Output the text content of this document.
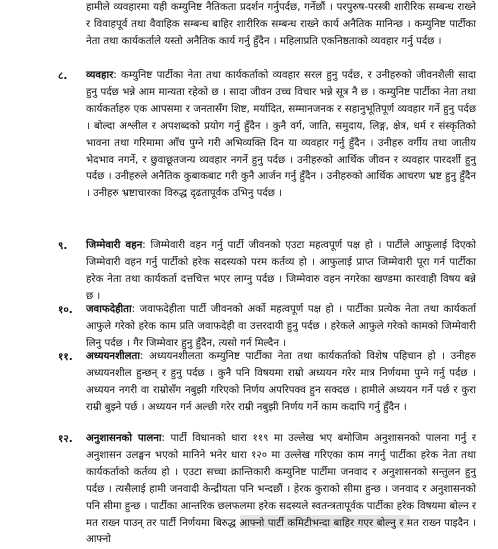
हामीले व्यवहारमा यही कम्युनिष्ट नैतिकता प्रदर्शन गर्नुपर्दछ, गर्नेछौं । परपुरुष-परस्त्री शारीरिक सम्बन्ध राख्ने र विवाहपूर्व तथा वैवाहिक सम्बन्ध बाहिर शारीरिक सम्बन्ध राख्ने कार्य अनैतिक मानिन्छ । कम्युनिष्ट पार्टीका नेता तथा कार्यकर्ताले यस्तो अनैतिक कार्य गर्नु हुँदैन । महिलाप्रति एकनिष्ठताको व्यवहार गर्नु पर्दछ ।

८. व्यवहार: कम्युनिष्ट पार्टीका नेता तथा कार्यकर्ताको व्यवहार सरल हुनु पर्दछ, र उनीहरुको जीवनशैली सादा हुनु पर्दछ भन्ने आम मान्यता रहेको छ । सादा जीवन उच्च विचार भन्ने सूत्र नै छ । कम्युनिष्ट पार्टीका नेता तथा कार्यकर्ताहरु एक आपसमा र जनतासँग शिष्ट, मर्यादित, सम्मानजनक र सहानुभूतिपूर्ण व्यवहार गर्ने हुनु पर्दछ । बोल्दा अश्लील र अपशब्दको प्रयोग गर्नु हुँदैन । कुनै वर्ग, जाति, समुदाय, लिङ्ग, क्षेत्र, धर्म र संस्कृतिको भावना तथा गरिमामा आँच पुग्ने गरी अभिव्यक्ति दिन या व्यवहार गर्नु हुँदैन । उनीहरु वर्गीय तथा जातीय भेदभाव नगर्ने, र छुवाछूतजन्य व्यवहार नगर्ने हुनु पर्दछ । उनीहरुको आर्थिक जीवन र व्यवहार पारदर्शी हुनु पर्दछ । उनीहरुले अनैतिक कुबाकबाट गरी कुनै आर्जन गर्नु हुँदैन । उनीहरुको आर्थिक आचरण भ्रष्ट हुनु हुँदैन । उनीहरु भ्रष्टाचारका विरुद्ध दृढतापूर्वक उभिनु पर्दछ ।

९. जिम्मेवारी वहन: जिम्मेवारी वहन गर्नु पार्टी जीवनको एउटा महत्वपूर्ण पक्ष हो । पार्टीले आफुलाई दिएको जिम्मेवारी वहन गर्नु पार्टीको हरेक सदस्यको परम कर्तव्य हो । आफुलाई प्राप्त जिम्मेवारी पूरा गर्न पार्टीका हरेक नेता तथा कार्यकर्ता दत्तचित्त भएर लाग्नु पर्दछ । जिम्मेवारु वहन नगरेका खण्डमा कारवाही विषय बन्ने छ ।

१०. जवाफदेहीता: जवाफदेहीता पार्टी जीवनको अर्को महत्वपूर्ण पक्ष हो । पार्टीका प्रत्येक नेता तथा कार्यकर्ता आफुले गरेको हरेक काम प्रति जवाफदेही वा उत्तरदायी हुनु पर्दछ । हरेकले आफुले गरेको कामको जिम्मेवारी लिनु पर्दछ । गैर जिम्मेवार हुनु हुँदैन, त्यसो गर्न मिल्दैन ।

११. अध्ययनशीलता: अध्ययनशीलता कम्युनिष्ट पार्टीका नेता तथा कार्यकर्ताको विशेष पहिचान हो । उनीहरु अध्ययनशील हुन्छन् र हुनु पर्दछ । कुनै पनि विषयमा राम्रो अध्ययन गरेर मात्र निर्णयमा पुग्ने गर्नु पर्दछ । अध्ययन नगरी वा राम्रोसँग नबुझी गरिएको निर्णय अपरिपक्व हुन सक्दछ । हामीले अध्ययन गर्ने पर्छ र कुरा राम्री बुझ्ने पर्छ । अध्ययन गर्न अल्छी गरेर राम्री नबुझी निर्णय गर्ने काम कदापि गर्नु हुँदैन ।

१२. अनुशासनको पालना: पार्टी विधानको धारा ११९ मा उल्लेख भए बमोजिम अनुशासनको पालना गर्नु र अनुशासन उलङ्घन भएको मानिने भनेर धारा १२० मा उल्लेख गरिएका काम नगर्नु पार्टीका हरेक नेता तथा कार्यकर्ताको कर्तव्य हो । एउटा सच्चा क्रान्तिकारी कम्युनिष्ट पार्टीमा जनवाद र अनुशासनको सन्तुलन हुनु पर्दछ । त्यसैलाई हामी जनवादी केन्द्रीयता पनि भन्दछौं । हेरक कुराको सीमा हुन्छ । जनवाद र अनुशासनको पनि सीमा हुन्छ । पार्टीका आन्तरिक छलफलमा हरेक सदस्यले स्वतन्त्रतापूर्वक पार्टीका हरेक विषयमा बोल्न र मत राख्न पाउन् तर पार्टी निर्णयमा बिरुद्ध आफ्नो पार्टी कमिटीभन्दा बाहिर गएर बोल्नु र मत राख्न पाइदैन । आफ्नो
